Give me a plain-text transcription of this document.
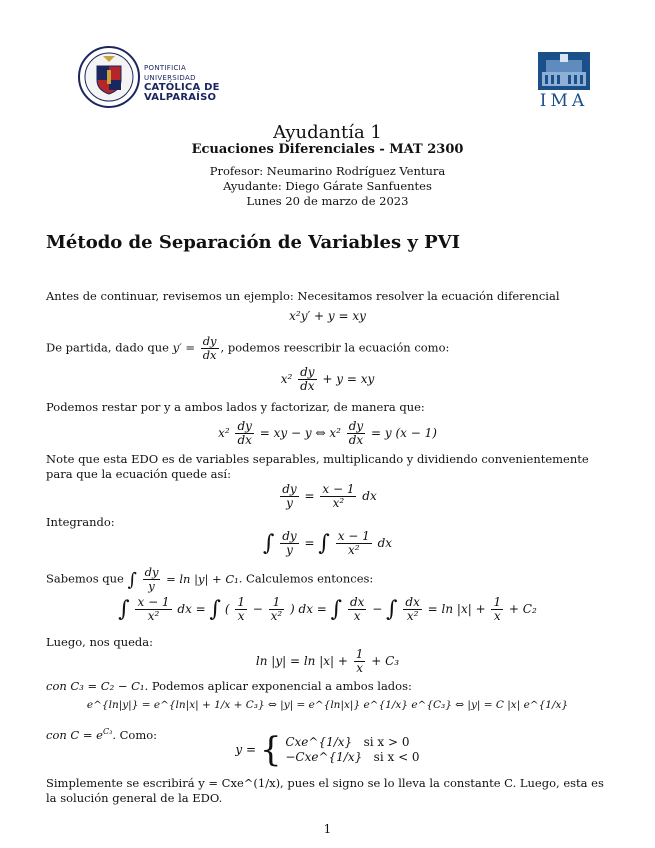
PONTIFICIA
UNIVERSIDAD
CATÓLICA DE
VALPARAÍSO	IMA
Ayudantía 1
Ecuaciones Diferenciales - MAT 2300
Profesor: Neumarino Rodríguez Ventura
Ayudante: Diego Gárate Sanfuentes
Lunes 20 de marzo de 2023
Método de Separación de Variables y PVI
Antes de continuar, revisemos un ejemplo: Necesitamos resolver la ecuación diferencial
x²y′ + y = xy
De partida, dado que $y' = \frac{dy}{dx}$ , podemos reescribir la ecuación como:
$x^2 \frac{dy}{dx} + y$ = xy
Podemos restar por y a ambos lados y factorizar, de manera que:
$x^2 \frac{dy}{dx}$ = xy − y ⇔ $x^2 \frac{dy}{dx} = y$ (x − 1)
Note que esta EDO es de variables separables, multiplicando y dividiendo convenientemente para que la ecuación quede así:
$\frac{dy}{y} = \frac{x - 1}{\text{x²}}$ dx
Integrando:
∫ $\frac{dy}{y}$ = ∫ $\frac{x - 1}{\text{x²}}$ dx
Sabemos que ∫ $\frac{dy}{y} = \ln |y| + C_1$. Calculemos entonces:
∫ $\frac{x - 1}{\text{x²}}$ dx = ∫ ( $\frac{1}{x} - \frac{1}{\text{x²}}$ ) dx = ∫ $\frac{dx}{x}$ − ∫ $\frac{dx}{\text{x²}} = \ln |x| + \frac{1}{x} + C_2$
Luego, nos queda:
$\ln |y| = \ln |x| + \frac{1}{x} + C_3$
con C₃ = C₂ − C₁. Podemos aplicar exponencial a ambos lados:
e^{ln|y|} = e^{ln|x| + 1/x + C₃} ⇔ |y| = e^{ln|x|} e^{1/x} e^{C₃} ⇔ |y| = C |x| e^{1/x}
con $C = e^{C_3}$. Como:
y = { Cxe^{1/x} si x > 0
−Cxe^{1/x} si x < 0
Simplemente se escribirá y = Cxe^(1/x), pues el signo se lo lleva la constante C. Luego, esta es la solución general de la EDO.
1
